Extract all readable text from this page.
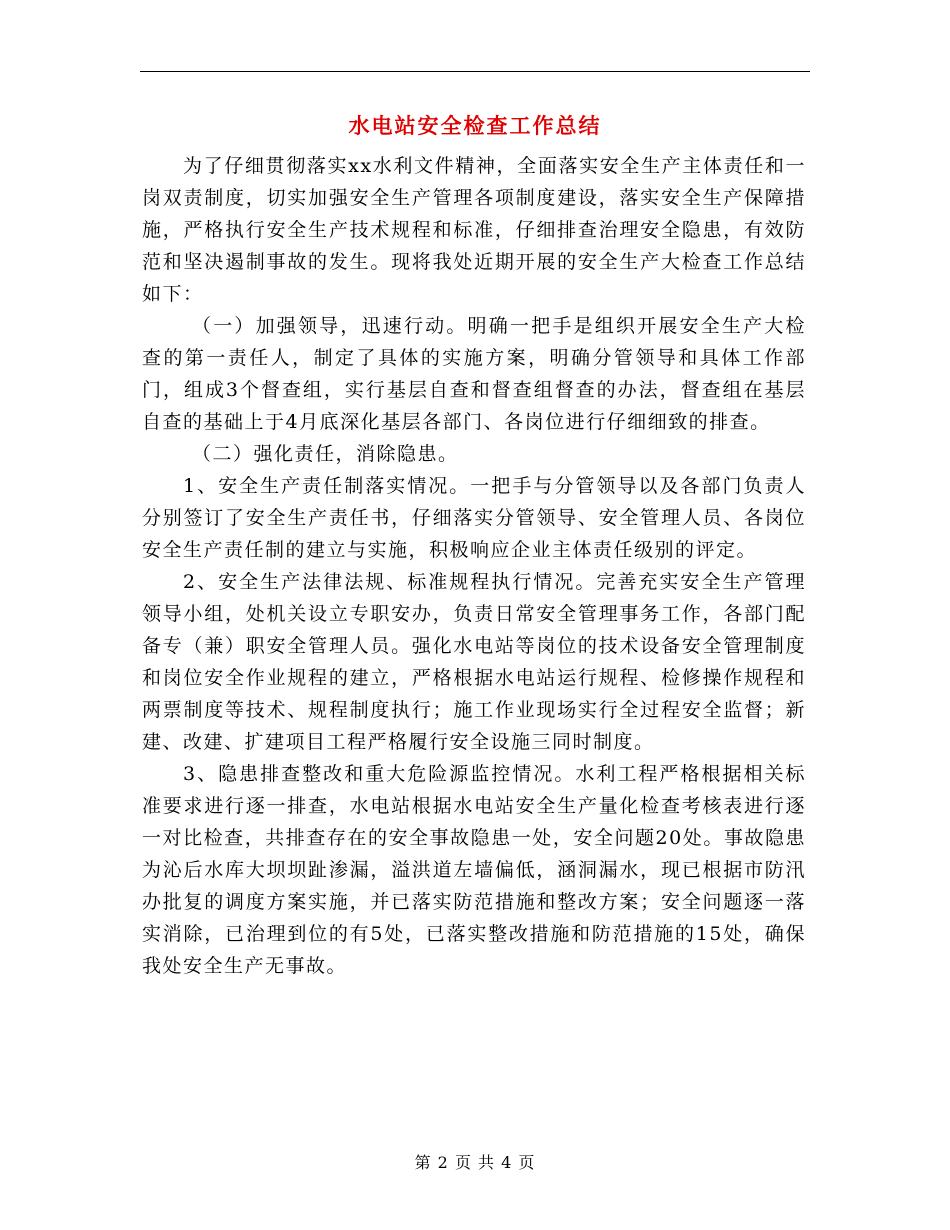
水电站安全检查工作总结

为了仔细贯彻落实xx水利文件精神，全面落实安全生产主体责任和一岗双责制度，切实加强安全生产管理各项制度建设，落实安全生产保障措施，严格执行安全生产技术规程和标准，仔细排查治理安全隐患，有效防范和坚决遏制事故的发生。现将我处近期开展的安全生产大检查工作总结如下：

（一）加强领导，迅速行动。明确一把手是组织开展安全生产大检查的第一责任人，制定了具体的实施方案，明确分管领导和具体工作部门，组成3个督查组，实行基层自查和督查组督查的办法，督查组在基层自查的基础上于4月底深化基层各部门、各岗位进行仔细细致的排查。

（二）强化责任，消除隐患。

1、安全生产责任制落实情况。一把手与分管领导以及各部门负责人分别签订了安全生产责任书，仔细落实分管领导、安全管理人员、各岗位安全生产责任制的建立与实施，积极响应企业主体责任级别的评定。

2、安全生产法律法规、标准规程执行情况。完善充实安全生产管理领导小组，处机关设立专职安办，负责日常安全管理事务工作，各部门配备专（兼）职安全管理人员。强化水电站等岗位的技术设备安全管理制度和岗位安全作业规程的建立，严格根据水电站运行规程、检修操作规程和两票制度等技术、规程制度执行；施工作业现场实行全过程安全监督；新建、改建、扩建项目工程严格履行安全设施三同时制度。

3、隐患排查整改和重大危险源监控情况。水利工程严格根据相关标准要求进行逐一排查，水电站根据水电站安全生产量化检查考核表进行逐一对比检查，共排查存在的安全事故隐患一处，安全问题20处。事故隐患为沁后水库大坝坝趾渗漏，溢洪道左墙偏低，涵洞漏水，现已根据市防汛办批复的调度方案实施，并已落实防范措施和整改方案；安全问题逐一落实消除，已治理到位的有5处，已落实整改措施和防范措施的15处，确保我处安全生产无事故。

第 2 页 共 4 页
